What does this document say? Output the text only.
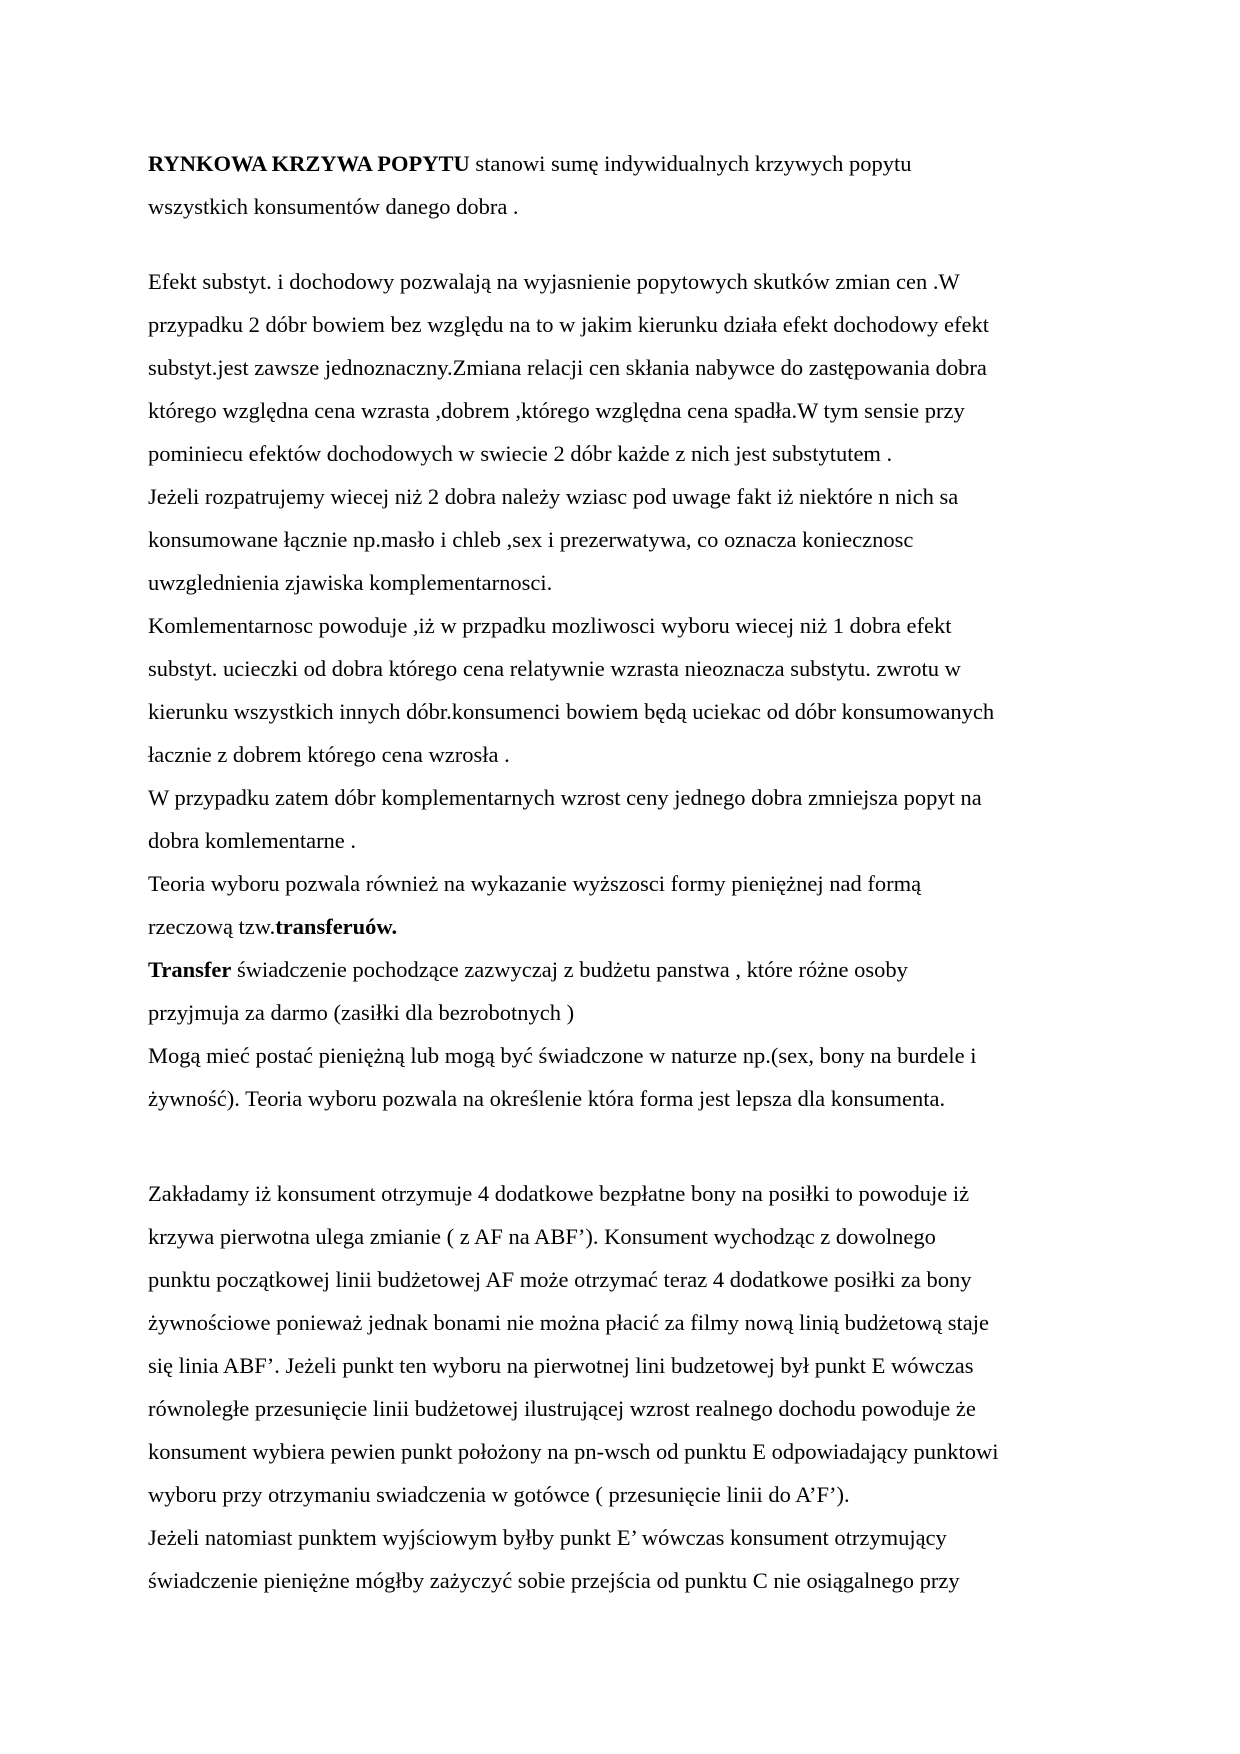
RYNKOWA KRZYWA POPYTU stanowi sumę indywidualnych krzywych popytu
wszystkich konsumentów danego dobra .
Efekt substyt. i dochodowy pozwalają na wyjasnienie popytowych skutków zmian cen .W
przypadku 2 dóbr bowiem bez względu na to w jakim kierunku działa efekt dochodowy efekt
substyt.jest zawsze jednoznaczny.Zmiana relacji cen skłania nabywce do zastępowania dobra
którego względna cena wzrasta ,dobrem ,którego względna cena spadła.W tym sensie przy
pominiecu efektów dochodowych w swiecie 2 dóbr każde z nich jest substytutem .
Jeżeli rozpatrujemy wiecej niż 2 dobra należy wziasc pod uwage fakt iż niektóre n nich sa
konsumowane łącznie np.masło i chleb ,sex i prezerwatywa, co oznacza koniecznosc
uwzglednienia zjawiska komplementarnosci.
Komlementarnosc powoduje ,iż w przpadku mozliwosci wyboru wiecej niż 1 dobra efekt
substyt. ucieczki od dobra którego cena relatywnie wzrasta nieoznacza substytu. zwrotu w
kierunku wszystkich innych dóbr.konsumenci bowiem będą uciekac od dóbr konsumowanych
łacznie z dobrem którego cena wzrosła .
W przypadku zatem dóbr komplementarnych wzrost ceny jednego dobra zmniejsza popyt na
dobra komlementarne .
Teoria wyboru pozwala również na wykazanie wyższosci formy pieniężnej nad formą
rzeczową tzw.transferuów.
Transfer świadczenie pochodzące zazwyczaj z budżetu panstwa , które różne osoby
przyjmuja za darmo (zasiłki dla bezrobotnych )
Mogą mieć postać pieniężną lub mogą być świadczone w naturze np.(sex, bony na burdele i
żywność). Teoria wyboru pozwala na określenie która forma jest lepsza dla konsumenta.
Zakładamy iż konsument otrzymuje 4 dodatkowe bezpłatne bony na posiłki to powoduje iż
krzywa pierwotna ulega zmianie ( z AF na ABF’). Konsument wychodząc z dowolnego
punktu początkowej linii budżetowej AF może otrzymać teraz 4 dodatkowe posiłki za bony
żywnościowe ponieważ jednak bonami nie można płacić za filmy nową linią budżetową staje
się linia ABF’. Jeżeli punkt ten wyboru na pierwotnej lini budzetowej był punkt E wówczas
równoległe przesunięcie linii budżetowej ilustrującej wzrost realnego dochodu powoduje że
konsument wybiera pewien punkt położony na pn-wsch od punktu E odpowiadający punktowi
wyboru przy otrzymaniu swiadczenia w gotówce ( przesunięcie linii do A’F’).
Jeżeli natomiast punktem wyjściowym byłby punkt E’ wówczas konsument otrzymujący
świadczenie pieniężne mógłby zażyczyć sobie przejścia od punktu C nie osiągalnego przy
